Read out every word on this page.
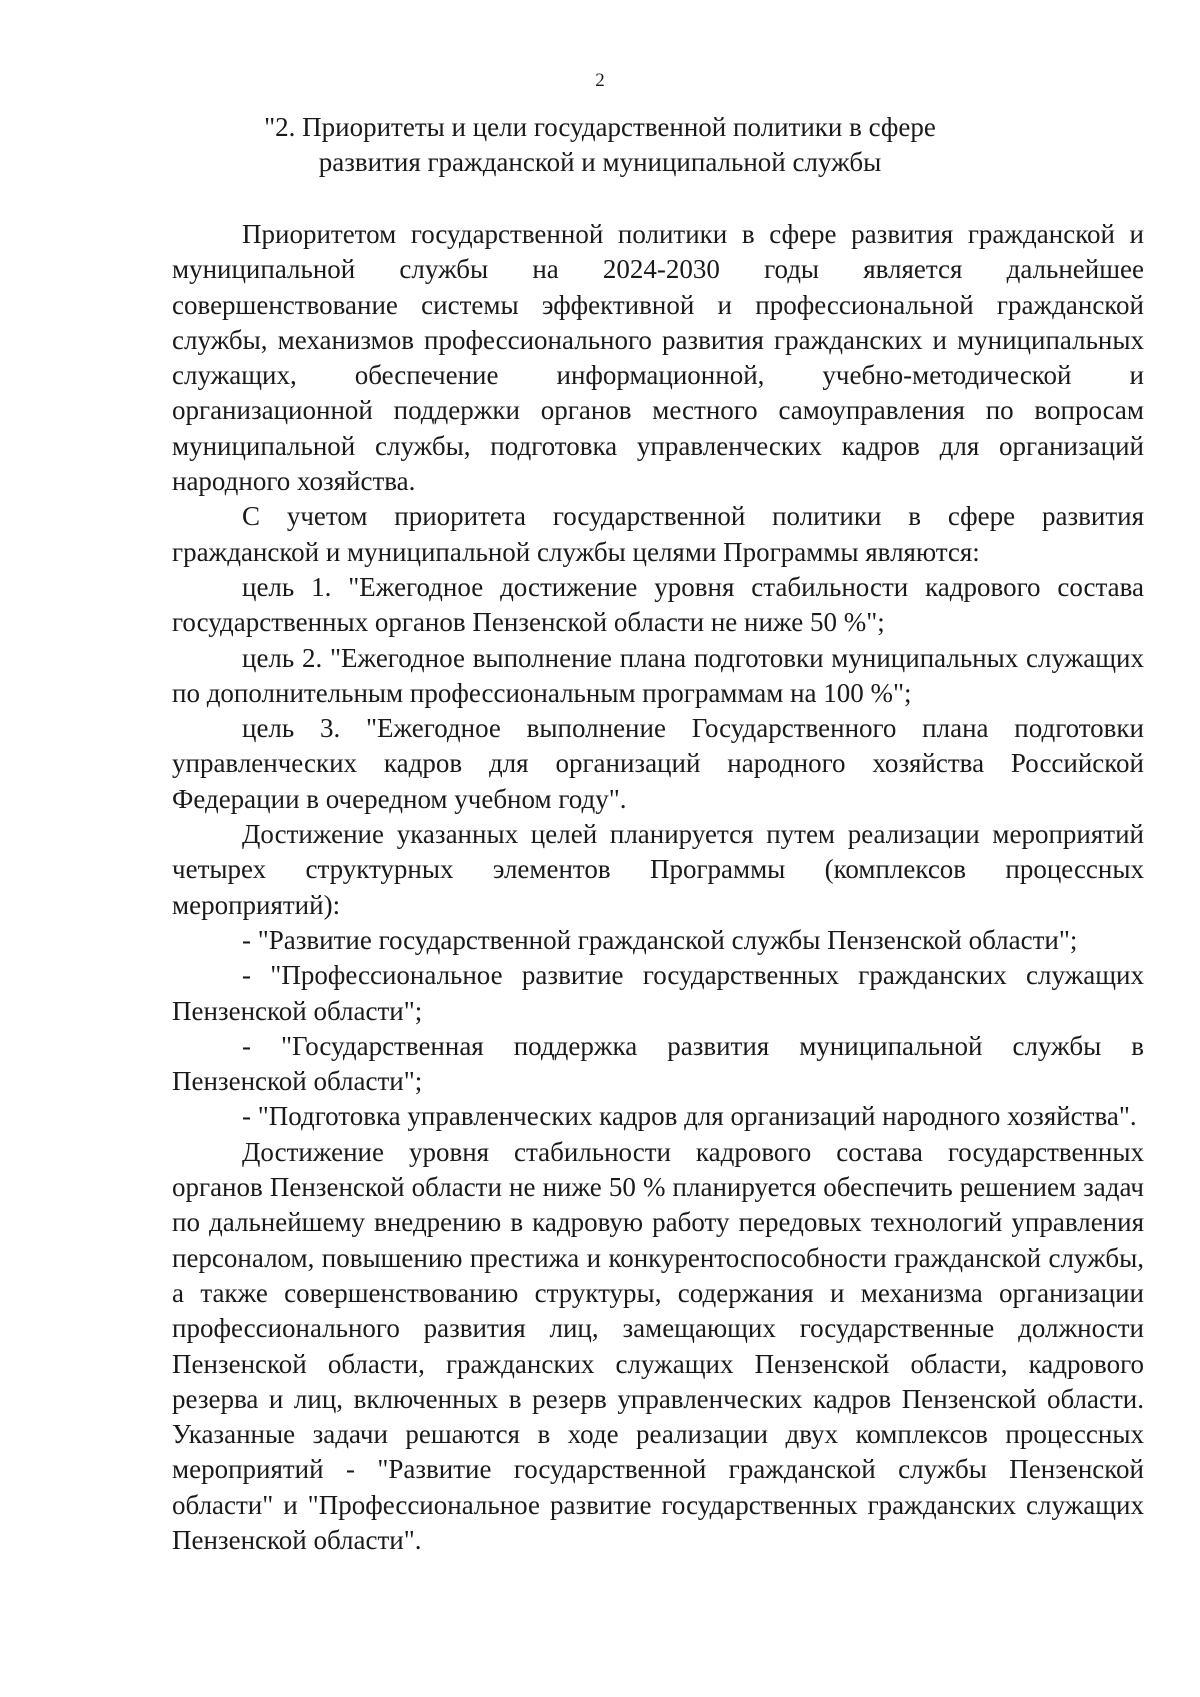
2
"2. Приоритеты и цели государственной политики в сфере
развития гражданской и муниципальной службы

Приоритетом государственной политики в сфере развития гражданской и муниципальной службы на 2024-2030 годы является дальнейшее совершенствование системы эффективной и профессиональной гражданской службы, механизмов профессионального развития гражданских и муниципальных служащих, обеспечение информационной, учебно-методической и организационной поддержки органов местного самоуправления по вопросам муниципальной службы, подготовка управленческих кадров для организаций народного хозяйства.

С учетом приоритета государственной политики в сфере развития гражданской и муниципальной службы целями Программы являются:

цель 1. "Ежегодное достижение уровня стабильности кадрового состава государственных органов Пензенской области не ниже 50 %";

цель 2. "Ежегодное выполнение плана подготовки муниципальных служащих по дополнительным профессиональным программам на 100 %";

цель 3. "Ежегодное выполнение Государственного плана подготовки управленческих кадров для организаций народного хозяйства Российской Федерации в очередном учебном году".

Достижение указанных целей планируется путем реализации мероприятий четырех структурных элементов Программы (комплексов процессных мероприятий):

- "Развитие государственной гражданской службы Пензенской области";

- "Профессиональное развитие государственных гражданских служащих Пензенской области";

- "Государственная поддержка развития муниципальной службы в Пензенской области";

- "Подготовка управленческих кадров для организаций народного хозяйства".

Достижение уровня стабильности кадрового состава государственных органов Пензенской области не ниже 50 % планируется обеспечить решением задач по дальнейшему внедрению в кадровую работу передовых технологий управления персоналом, повышению престижа и конкурентоспособности гражданской службы, а также совершенствованию структуры, содержания и механизма организации профессионального развития лиц, замещающих государственные должности Пензенской области, гражданских служащих Пензенской области, кадрового резерва и лиц, включенных в резерв управленческих кадров Пензенской области. Указанные задачи решаются в ходе реализации двух комплексов процессных мероприятий - "Развитие государственной гражданской службы Пензенской области" и "Профессиональное развитие государственных гражданских служащих Пензенской области".
